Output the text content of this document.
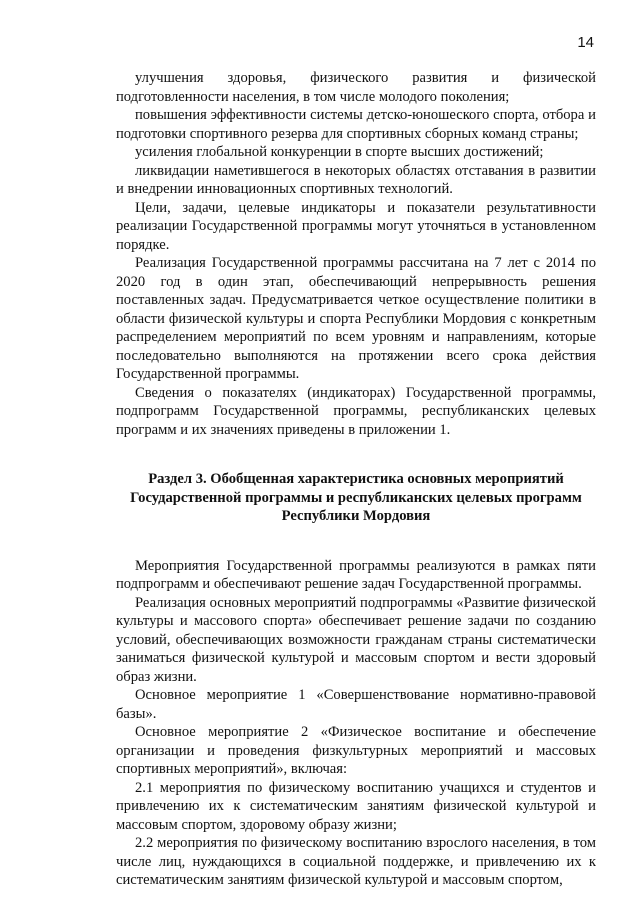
14

улучшения здоровья, физического развития и физической подготовленности населения, в том числе молодого поколения;

повышения эффективности системы детско-юношеского спорта, отбора и подготовки спортивного резерва для спортивных сборных команд страны;

усиления глобальной конкуренции в спорте высших достижений;

ликвидации наметившегося в некоторых областях отставания в развитии и внедрении инновационных спортивных технологий.

Цели, задачи, целевые индикаторы и показатели результативности реализации Государственной программы могут уточняться в установленном порядке.

Реализация Государственной программы рассчитана на 7 лет с 2014 по 2020 год в один этап, обеспечивающий непрерывность решения поставленных задач. Предусматривается четкое осуществление политики в области физической культуры и спорта Республики Мордовия с конкретным распределением мероприятий по всем уровням и направлениям, которые последовательно выполняются на протяжении всего срока действия Государственной программы.

Сведения о показателях (индикаторах) Государственной программы, подпрограмм Государственной программы, республиканских целевых программ и их значениях приведены в приложении 1.

Раздел 3. Обобщенная характеристика основных мероприятий
Государственной программы и республиканских целевых программ
Республики Мордовия

Мероприятия Государственной программы реализуются в рамках пяти подпрограмм и обеспечивают решение задач Государственной программы.

Реализация основных мероприятий подпрограммы «Развитие физической культуры и массового спорта» обеспечивает решение задачи по созданию условий, обеспечивающих возможности гражданам страны систематически заниматься физической культурой и массовым спортом и вести здоровый образ жизни.

Основное мероприятие 1 «Совершенствование нормативно-правовой базы».

Основное мероприятие 2 «Физическое воспитание и обеспечение организации и проведения физкультурных мероприятий и массовых спортивных мероприятий», включая:

2.1 мероприятия по физическому воспитанию учащихся и студентов и привлечению их к систематическим занятиям физической культурой и массовым спортом, здоровому образу жизни;

2.2 мероприятия по физическому воспитанию взрослого населения, в том числе лиц, нуждающихся в социальной поддержке, и привлечению их к систематическим занятиям физической культурой и массовым спортом,
